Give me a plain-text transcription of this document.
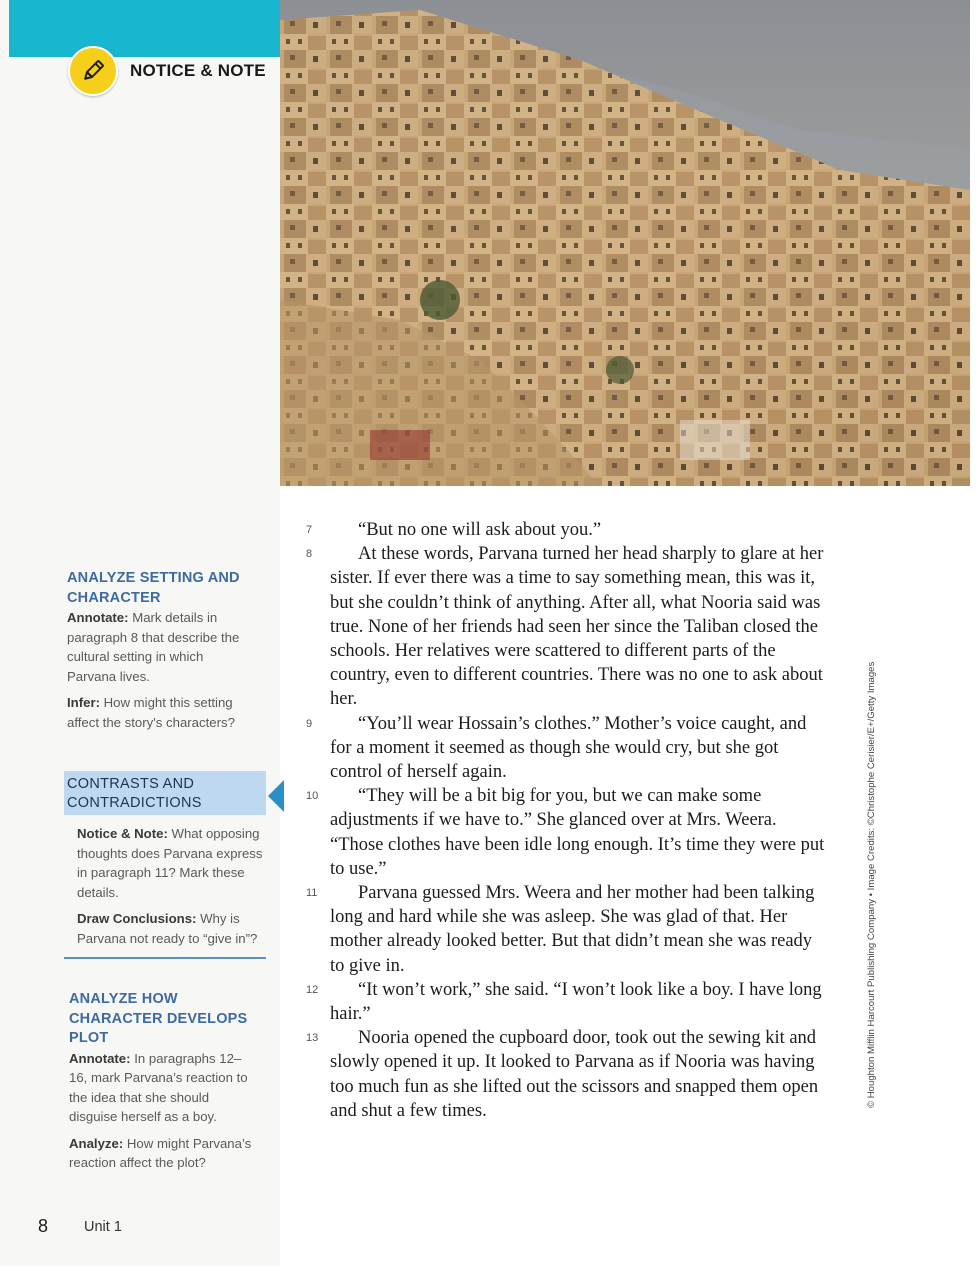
NOTICE & NOTE
ANALYZE SETTING AND CHARACTER

Annotate: Mark details in paragraph 8 that describe the cultural setting in which Parvana lives.

Infer: How might this setting affect the story's characters?

CONTRASTS AND CONTRADICTIONS

Notice & Note: What opposing thoughts does Parvana express in paragraph 11? Mark these details.

Draw Conclusions: Why is Parvana not ready to “give in”?

ANALYZE HOW CHARACTER DEVELOPS PLOT

Annotate: In paragraphs 12–16, mark Parvana’s reaction to the idea that she should disguise herself as a boy.

Analyze: How might Parvana’s reaction affect the plot?

7	“But no one will ask about you.”

8	At these words, Parvana turned her head sharply to glare at her sister. If ever there was a time to say something mean, this was it, but she couldn’t think of anything. After all, what Nooria said was true. None of her friends had seen her since the Taliban closed the schools. Her relatives were scattered to different parts of the country, even to different countries. There was no one to ask about her.

9	“You’ll wear Hossain’s clothes.” Mother’s voice caught, and for a moment it seemed as though she would cry, but she got control of herself again.

10	“They will be a bit big for you, but we can make some adjustments if we have to.” She glanced over at Mrs. Weera. “Those clothes have been idle long enough. It’s time they were put to use.”

11	Parvana guessed Mrs. Weera and her mother had been talking long and hard while she was asleep. She was glad of that. Her mother already looked better. But that didn’t mean she was ready to give in.

12	“It won’t work,” she said. “I won’t look like a boy. I have long hair.”

13	Nooria opened the cupboard door, took out the sewing kit and slowly opened it up. It looked to Parvana as if Nooria was having too much fun as she lifted out the scissors and snapped them open and shut a few times.

© Houghton Mifflin Harcourt Publishing Company • Image Credits: ©Christophe Cerisier/E+/Getty Images
8 Unit 1
